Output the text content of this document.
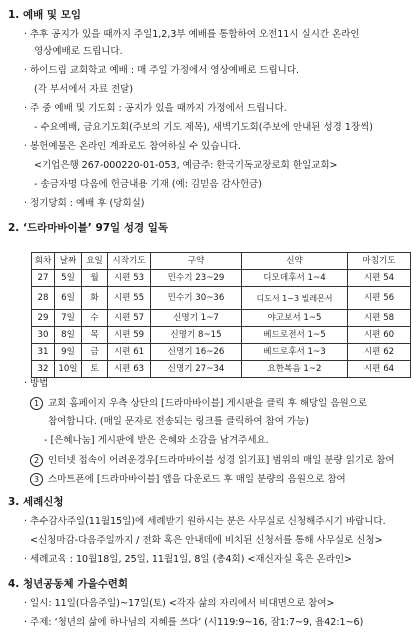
1. 예배 및 모임
· 추후 공지가 있을 때까지 주일1,2,3부 예배를 통합하여 오전11시 실시간 온라인
영상예배로 드립니다.
· 하이드림 교회학교 예배 : 매 주일 가정에서 영상예배로 드립니다.
(각 부서에서 자료 전달)
· 주 중 예배 및 기도회 : 공지가 있을 때까지 가정에서 드립니다.
- 수요예배, 금요기도회(주보의 기도 제목), 새벽기도회(주보에 안내된 성경 1장씩)
· 봉헌예물은 온라인 계좌로도 참여하실 수 있습니다.
<기업은행 267-000220-01-053, 예금주: 한국기독교장로회 한일교회>
- 송금자명 다음에 헌금내용 기재 (예: 김믿음 감사헌금)
· 정기당회 : 예배 후 (당회실)
2. ‘드라마바이블’ 97일 성경 일독
회차	날짜	요일	시작기도	구약	신약	마침기도
27	5일	월	시편 53	민수기 23~29	디모데후서 1~4	시편 54
28	6일	화	시편 55	민수기 30~36	디도서 1~3 빌레몬서	시편 56
29	7일	수	시편 57	신명기 1~7	야고보서 1~5	시편 58
30	8일	목	시편 59	신명기 8~15	베드로전서 1~5	시편 60
31	9일	금	시편 61	신명기 16~26	베드로후서 1~3	시편 62
32	10일	토	시편 63	신명기 27~34	요한복음 1~2	시편 64
· 방법
1 교회 홈페이지 우측 상단의 [드라마바이블] 게시판을 클릭 후 해당일 음원으로
참여합니다. (매일 문자로 전송되는 링크를 클릭하여 참여 가능)
- [은혜나눔] 게시판에 받은 은혜와 소감을 남겨주세요.
2 인터넷 접속이 어려운경우[드라마바이블 성경 읽기표] 범위의 매일 분량 읽기로 참여
3 스마트폰에 [드라마바이블] 앱을 다운로드 후 매일 분량의 음원으로 참여
3. 세례신청
· 추수감사주일(11월15일)에 세례받기 원하시는 분은 사무실로 신청해주시기 바랍니다.
<신청마감-다음주일까지 / 전화 혹은 안내데에 비치된 신청서를 통해 사무실로 신청>
· 세례교육 : 10월18일, 25일, 11월1일, 8일 (총4회) <재신자실 혹은 온라인>
4. 청년공동체 가을수련회
· 일시: 11일(다음주일)~17일(토) <각자 삶의 자리에서 비대면으로 참여>
· 주제: ‘청년의 삶에 하나님의 지혜를 쓰다’ (시119:9~16, 잠1:7~9, 욥42:1~6)
